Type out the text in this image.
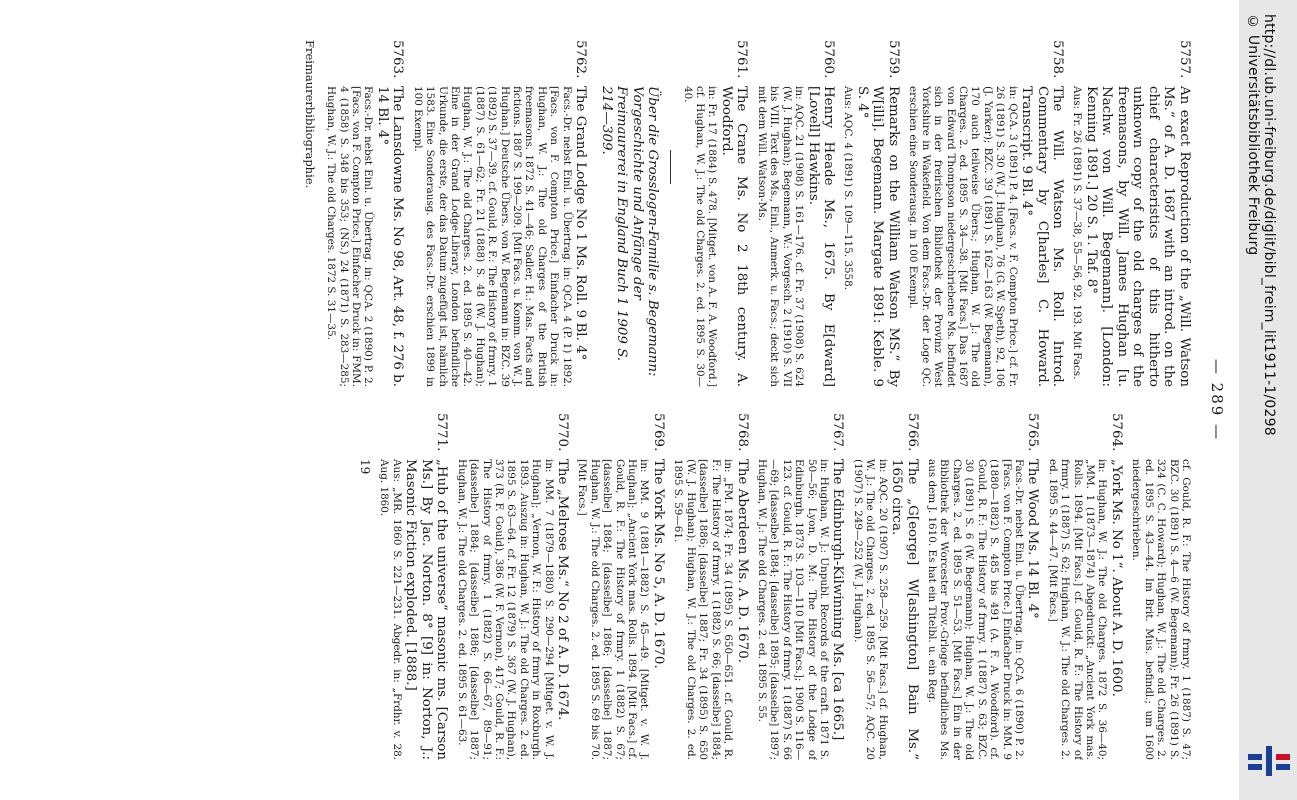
— 289 —
5757.
An exact Reproduction of the „Will. Watson Ms.“ of A. D. 1687 with an introd. on the chief characteristics of this hitherto unknown copy of the old charges of the freemasons, by Will. James Hughan [u. Nachw. von Will. Begemann]. [London: Kenning 1891.] 20 S. 1. Taf. 8°
Aus: Fr. 26 (1891) S. 37—38, 55—56, 92. 193. Mit Facs.
5758.
The Will. Watson Ms. Roll. Introd. Commentary by C[harles] C. Howard. Transcript. 9 Bl. 4°
in: QCA. 3 (1891) P. 4. [Facs. v. F. Compton Price.] cf. Fr. 26 (1891) S. 30 (W. J. Hughan), 76 (G. W. Speth), 92, 106 (J. Yarker); BZC. 39 (1891) S. 162—163 (W. Begemann), 170 auch teilweise Übers.; Hughan, W. J.: The old Charges. 2. ed. 1895 S. 34—38. [Mit Facs.] Das 1687 von Edward Thompson niedergeschriebene Ms. befindet sich in der freirischen Bibliothek der Provinz West Yorkshire in Wakefield. Von dem Facs.-Dr. der Loge QC. erschien eine Sonderausg. in 100 Exempl.
5759.
Remarks on the William Watson MS.“ By W[illi]. Begemann. Margate 1891: Keble. 9 S. 4°
Aus: AQC. 4 (1891) S. 109—115. 3558.
5760.
Henry Heade Ms., 1675. By E[dward] [Lovell] Hawkins.
in: AQC. 21 (1908) S. 161—176. cf. Fr. 37 (1908) S. 624 (W. J. Hughan); Begemann, W.: Vorgesch. 2 (1910) S. VII bis VIII. Text des Ms., Einl., Anmerk. u. Facs.; deckt sich mit dem Will. Watson-Ms.
5761.
The Crane Ms. No 2 18th century. A. Woodford.
in: Fr. 17 (1884) S. 478. [Mitget. von A. F. A. Woodford.] cf. Hughan, W. J.: The old Charges. 2. ed. 1895 S. 30—40.
Über die Grosslogen-Familie s. Begemann: Vorgeschichte und Anfänge der Freimaurerei in England Buch 1 1909 S. 214—309.
5762.
The Grand Lodge No 1 Ms. Roll. 9 Bl. 4°
Facs.-Dr. nebst Einl. u. Übertrag. in: QCA. 4 (P. 1) 1892. [Facs. von F. Compton Price.] Einfacher Druck in: Hughan, W. J.: The old Charges of the British freemasons. 1872 S. 41—46; Sadler, H.: Mas. Facts and fictions. 1887 S. 199—209. [Mit Facs. u. Komm. von W. J. Hughan.] Deutsche Übers. von W. Begemann in: BZC. 39 (1892) S. 37—39. cf. Gould, R. F.: The History of frmry. 1 (1887) S. 61—62; Fr. 21 (1888) S. 48 (W. J. Hughan); Hughan, W. J.: The old Charges. 2. ed. 1895 S. 40—42. Eine in der Grand Lodge-Library, London befindliche Urkunde, die erste, der das Datum zugefügt ist, nämlich 1583. Eine Sonderausg. des Facs.-Dr. erschien 1899 in 100 Exempl.
5763.
The Lansdowne Ms. No 98, Art. 48, f. 276 b. 14 Bl. 4°
Facs.-Dr. nebst Einl. u. Übertrag. in: QCA. 2 (1890) P. 2. [Facs. von F. Compton Price.] Einfacher Druck in: FMM. 4 (1858) S. 348 bis 353; (NS.) 24 (1871) S. 283—285; Hughan, W. J.: The old Charges. 1872 S. 31—35.
Freimaurerbibliographie.
cf. Gould, R. F.: The History of frmry. 1 (1887) S. 47; BZC. 30 (1891) S. 4—6 (W. Begemann); Fr. 26 (1891) S. 324 (C. C. Howard); Hughan, W. J.: The old Charges. 2. ed. 1895 S. 43—44. Im Brit. Mus. befindl.; um 1600 niedergeschrieben.
5764.
„York Ms. No 1“. About A. D. 1600.
in: Hughan, W. J.: The old Charges. 1872 S. 36—40; „MM. 1 (1873—1874) Abgedruckt: „Ancient York mas. Rolls. 1894. [Mit Facs.] cf. Gould, R. F.: The History of frmry. 1 (1887) S. 62; Hughan, W. J.: The old Charges. 2. ed. 1895 S. 44—47. [Mit Facs.]
5765.
The Wood Ms. 14 Bl. 4°
Facs.-Dr. nebst Einl. u. Übertrag. in: QCA. 6 (1890) P. 2. [Facs. von F. Compton Price.] Einfacher Druck in: MM. 9 (1880—1882) S. 485 bis 491 (A. F. A. Woodford). cf. Gould, R. F.: The History of frmry. 1 (1887) S. 63; BZC. 30 (1891) S. 6 (W. Begemann); Hughan, W. J.: The old Charges. 2. ed. 1895 S. 51—53. [Mit Facs.] Ein in der Bibliothek der Worcester Prov.-Grloge befindliches Ms. aus dem J. 1610. Es hat ein Titelbl. u. ein Reg.
5766.
The „G[eorge] W[ashington] Bain Ms.“ 1650 circa.
in: AQC. 20 (1907) S. 258—259. [Mit Facs.] cf. Hughan, W. J.: The old Charges. 2. ed. 1895 S. 56—57; AQC. 20 (1907) S. 249—252 (W. J. Hughan).
5767.
The Edinburgh-Kilwinning Ms. [ca 1665.]
in: Hughan, W. J.: Unpubl. Records of the craft. 1871 S. 50—56; Lyon, D. M.: The History of the Lodge of Edinburgh. 1873 S. 103—110 [Mit Facs.]; 1900 S. 116—123. cf. Gould, R. F.: The History of frmry. 1 (1887) S. 66—69; [dasselbe] 1884; [dasselbe] 1895; [dasselbe] 1897; Hughan, W. J.: The old Charges. 2. ed. 1895 S. 55.
5768.
The Aberdeen Ms. A. D. 1670.
in: „FM. 1874; Fr. 34 (1895) S. 650—651. cf. Gould, R. F.: The History of frmry. 1 (1882) S. 66; [dasselbe] 1884; [dasselbe] 1886; [dasselbe] 1887; Fr. 34 (1895) S. 650 (W. J. Hughan); Hughan, W. J.: The old Charges. 2. ed. 1895 S. 59—61.
5769.
The York Ms. No 5, A. D. 1670.
in: MM. 9 (1881—1882) S. 45—49. [Mitget. v. W. J. Hughan]; „Ancient York mas. Rolls. 1894. [Mit Facs.] cf. Gould, R. F.: The History of frmry. 1 (1882) S. 67; [dasselbe] 1884; [dasselbe] 1886; [dasselbe] 1887; Hughan, W. J.: The old Charges. 2. ed. 1895 S. 69 bis 70. [Mit Facs.]
5770.
The „Melrose Ms.“ No 2 of A. D. 1674.
in: MM. 7 (1879—1880) S. 290—294 [Mitget. v. W. J. Hughan]; „Vernon, W. F.: History of frmry in Roxburgh. 1893. Auszug in: Hughan, W. J.: The old Charges. 2. ed. 1895 S. 63—64. cf. Fr. 12 (1879) S. 367 (W. J. Hughan), 373 (R. F. Gould), 386 (W. F. Vernon), 417; Gould, R. F.: The History of frmry. 1 (1882) S. 66—67, 89—91; [dasselbe] 1884; [dasselbe] 1886; [dasselbe] 1887; Hughan, W. J.: The old Charges. 2. ed. 1895 S. 61—63.
5771.
„Hub of the universe“ masonic ms. [Carson Ms.] By Jac. Norton. 8° [9] in: Norton, J.: Masonic Fiction exploded. [1888.]
Aus: „MR. 1860 S. 221—231. Abgedr. in: „Frdhr. v. 28. Aug. 1860.
19
http://dl.ub.uni-freiburg.de/diglit/bibl_freim_lit1911-1/0298
© Universitätsbibliothek Freiburg
